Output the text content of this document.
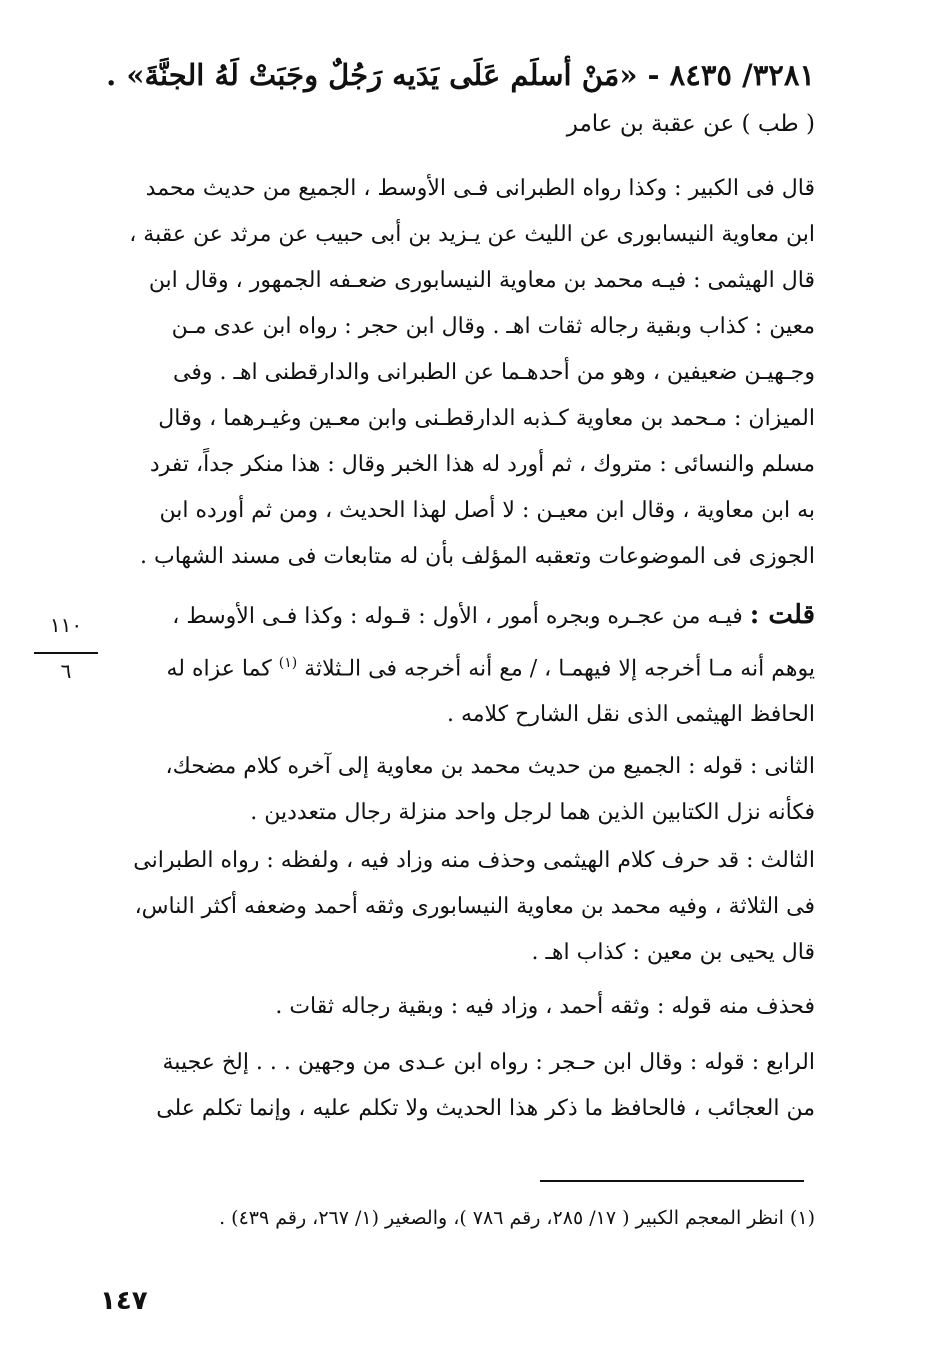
٣٢٨١/ ٨٤٣٥ - «مَنْ أسلَم عَلَى يَدَيه رَجُلٌ وجَبَتْ لَهُ الجنَّةَ» .
( طب ) عن عقبة بن عامر
قال فى الكبير : وكذا رواه الطبرانى فـى الأوسط ، الجميع من حديث محمد
ابن معاوية النيسابورى عن الليث عن يـزيد بن أبى حبيب عن مرثد عن عقبة ،
قال الهيثمى : فيـه محمد بن معاوية النيسابورى ضعـفه الجمهور ، وقال ابن
معين : كذاب وبقية رجاله ثقات اهـ . وقال ابن حجر : رواه ابن عدى مـن
وجـهيـن ضعيفين ، وهو من أحدهـما عن الطبرانى والدارقطنى اهـ . وفى
الميزان : مـحمد بن معاوية كـذبه الدارقطـنى وابن معـين وغيـرهما ، وقال
مسلم والنسائى : متروك ، ثم أورد له هذا الخبر وقال : هذا منكر جداً، تفرد
به ابن معاوية ، وقال ابن معيـن : لا أصل لهذا الحديث ، ومن ثم أورده ابن
الجوزى فى الموضوعات وتعقبه المؤلف بأن له متابعات فى مسند الشهاب .
قلت : فيـه من عجـره وبجره أمور ، الأول : قـوله : وكذا فـى الأوسط ،
يوهم أنه مـا أخرجه إلا فيهمـا ، / مع أنه أخرجه فى الـثلاثة $^{(١)}$ كما عزاه له
الحافظ الهيثمى الذى نقل الشارح كلامه .
١١٠
٦
الثانى : قوله : الجميع من حديث محمد بن معاوية إلى آخره كلام مضحك،
فكأنه نزل الكتابين الذين هما لرجل واحد منزلة رجال متعددين .
الثالث : قد حرف كلام الهيثمى وحذف منه وزاد فيه ، ولفظه : رواه الطبرانى
فى الثلاثة ، وفيه محمد بن معاوية النيسابورى وثقه أحمد وضعفه أكثر الناس،
قال يحيى بن معين : كذاب اهـ .
فحذف منه قوله : وثقه أحمد ، وزاد فيه : وبقية رجاله ثقات .
الرابع : قوله : وقال ابن حـجر : رواه ابن عـدى من وجهين . . . إلخ عجيبة
من العجائب ، فالحافظ ما ذكر هذا الحديث ولا تكلم عليه ، وإنما تكلم على
(١) انظر المعجم الكبير ( ١٧/ ٢٨٥، رقم ٧٨٦ )، والصغير (١/ ٢٦٧، رقم ٤٣٩) .
١٤٧
